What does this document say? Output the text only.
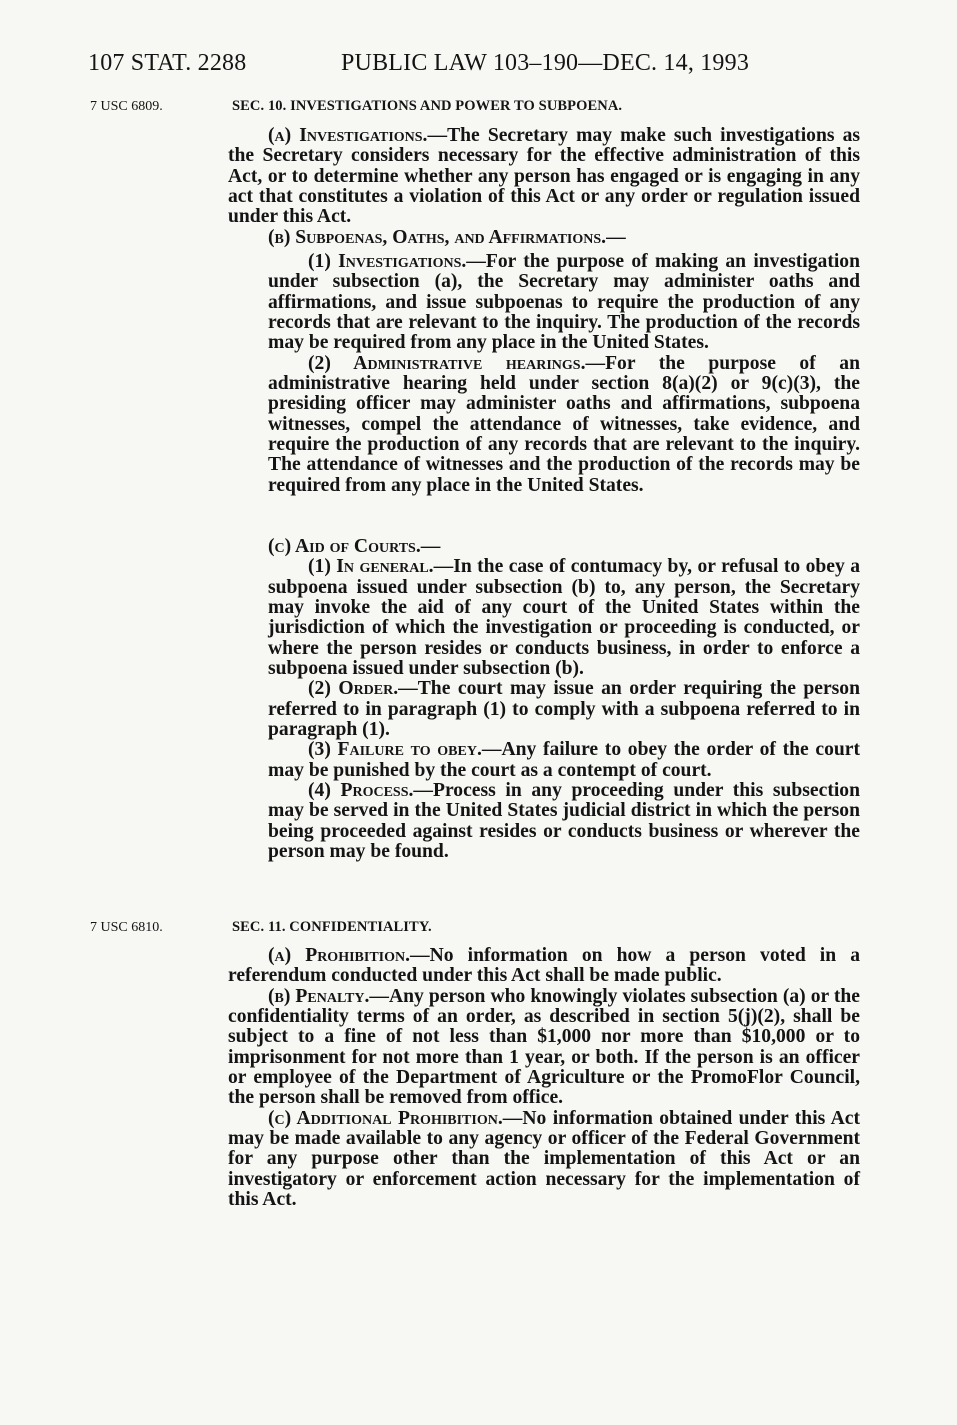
107 STAT. 2288	PUBLIC LAW 103–190—DEC. 14, 1993
7 USC 6809.	SEC. 10. INVESTIGATIONS AND POWER TO SUBPOENA.

(a) Investigations.—The Secretary may make such investigations as the Secretary considers necessary for the effective administration of this Act, or to determine whether any person has engaged or is engaging in any act that constitutes a violation of this Act or any order or regulation issued under this Act.

(b) Subpoenas, Oaths, and Affirmations.—

(1) Investigations.—For the purpose of making an investigation under subsection (a), the Secretary may administer oaths and affirmations, and issue subpoenas to require the production of any records that are relevant to the inquiry. The production of the records may be required from any place in the United States.

(2) Administrative hearings.—For the purpose of an administrative hearing held under section 8(a)(2) or 9(c)(3), the presiding officer may administer oaths and affirmations, subpoena witnesses, compel the attendance of witnesses, take evidence, and require the production of any records that are relevant to the inquiry. The attendance of witnesses and the production of the records may be required from any place in the United States.

(c) Aid of Courts.—

(1) In general.—In the case of contumacy by, or refusal to obey a subpoena issued under subsection (b) to, any person, the Secretary may invoke the aid of any court of the United States within the jurisdiction of which the investigation or proceeding is conducted, or where the person resides or conducts business, in order to enforce a subpoena issued under subsection (b).

(2) Order.—The court may issue an order requiring the person referred to in paragraph (1) to comply with a subpoena referred to in paragraph (1).

(3) Failure to obey.—Any failure to obey the order of the court may be punished by the court as a contempt of court.

(4) Process.—Process in any proceeding under this subsection may be served in the United States judicial district in which the person being proceeded against resides or conducts business or wherever the person may be found.

7 USC 6810.	SEC. 11. CONFIDENTIALITY.

(a) Prohibition.—No information on how a person voted in a referendum conducted under this Act shall be made public.

(b) Penalty.—Any person who knowingly violates subsection (a) or the confidentiality terms of an order, as described in section 5(j)(2), shall be subject to a fine of not less than $1,000 nor more than $10,000 or to imprisonment for not more than 1 year, or both. If the person is an officer or employee of the Department of Agriculture or the PromoFlor Council, the person shall be removed from office.

(c) Additional Prohibition.—No information obtained under this Act may be made available to any agency or officer of the Federal Government for any purpose other than the implementation of this Act or an investigatory or enforcement action necessary for the implementation of this Act.
